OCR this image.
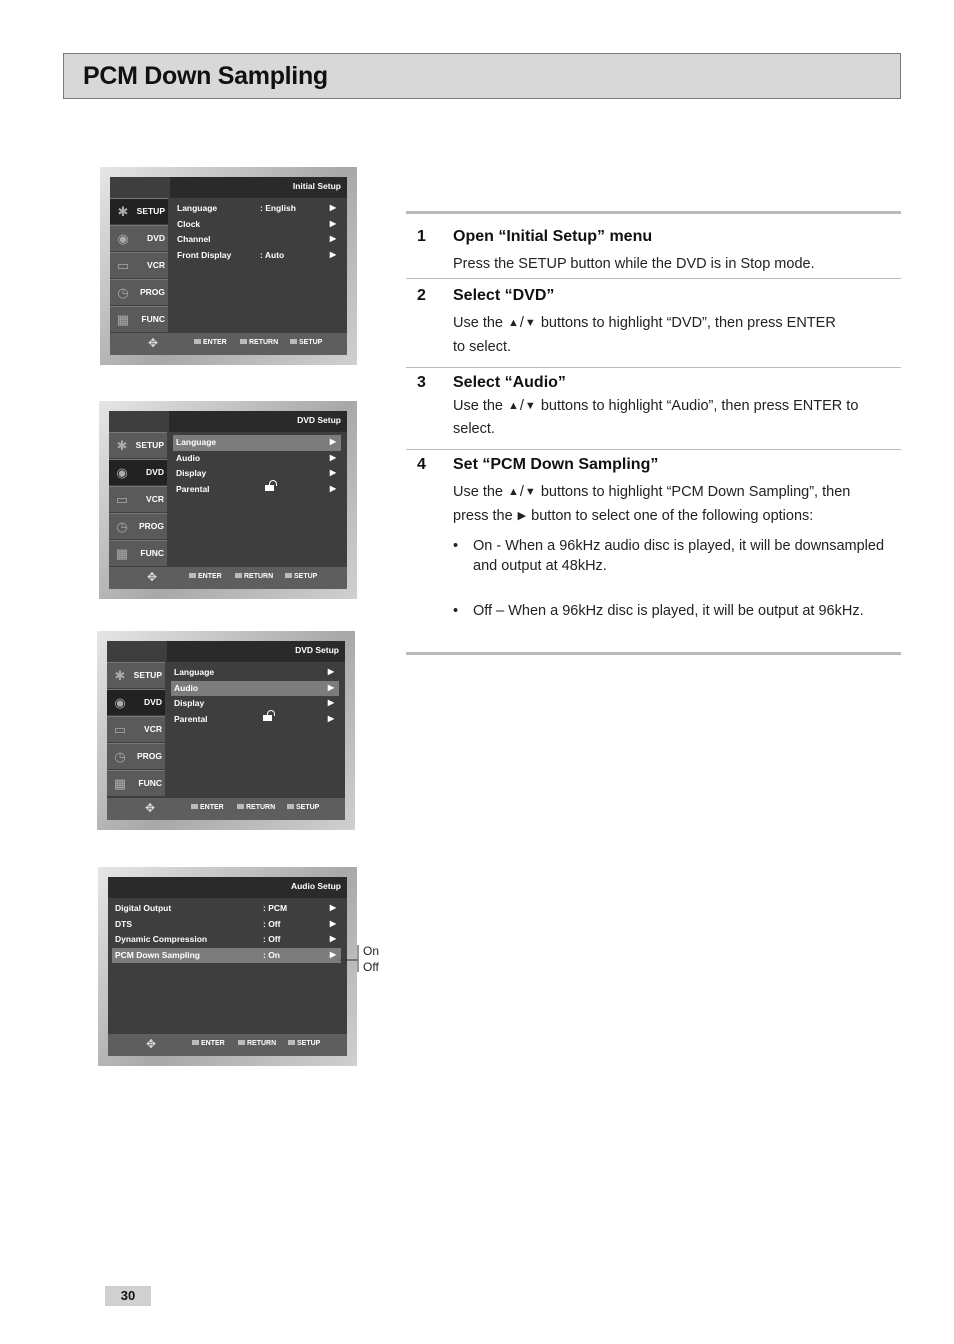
PCM Down Sampling
Initial Setup
✱ SETUP
◉	DVD
▭	VCR
◷	PROG
▦	FUNC
Language	: English	▶
Clock	▶
Channel	▶
Front Display	: Auto	▶
✥	ENTER	RETURN	SETUP
DVD Setup
✱ SETUP
◉	DVD
▭	VCR
◷	PROG
▦	FUNC
Language	▶
Audio	▶
Display	▶
Parental	▶
✥	ENTER	RETURN	SETUP
DVD Setup
✱ SETUP
◉	DVD
▭	VCR
◷	PROG
▦	FUNC
Language	▶
Audio	▶
Display	▶
Parental	▶
✥	ENTER	RETURN	SETUP
Audio Setup
Digital Output	: PCM	▶
DTS	: Off	▶
Dynamic Compression	: Off	▶
PCM Down Sampling	: On	▶
✥	ENTER	RETURN	SETUP
On
Off
1 Open “Initial Setup” menu
Press the SETUP button while the DVD is in Stop mode.
2 Select “DVD”
Use the ▲/▼ buttons to highlight “DVD”, then press ENTER
to select.
3 Select “Audio”
Use the ▲/▼ buttons to highlight “Audio”, then press ENTER to
select.
4 Set “PCM Down Sampling”
Use the ▲/▼ buttons to highlight “PCM Down Sampling”, then
press the ▶ button to select one of the following options:
• On - When a 96kHz audio disc is played, it will be downsampled and output at 48kHz.
• Off – When a 96kHz disc is played, it will be output at 96kHz.
30
